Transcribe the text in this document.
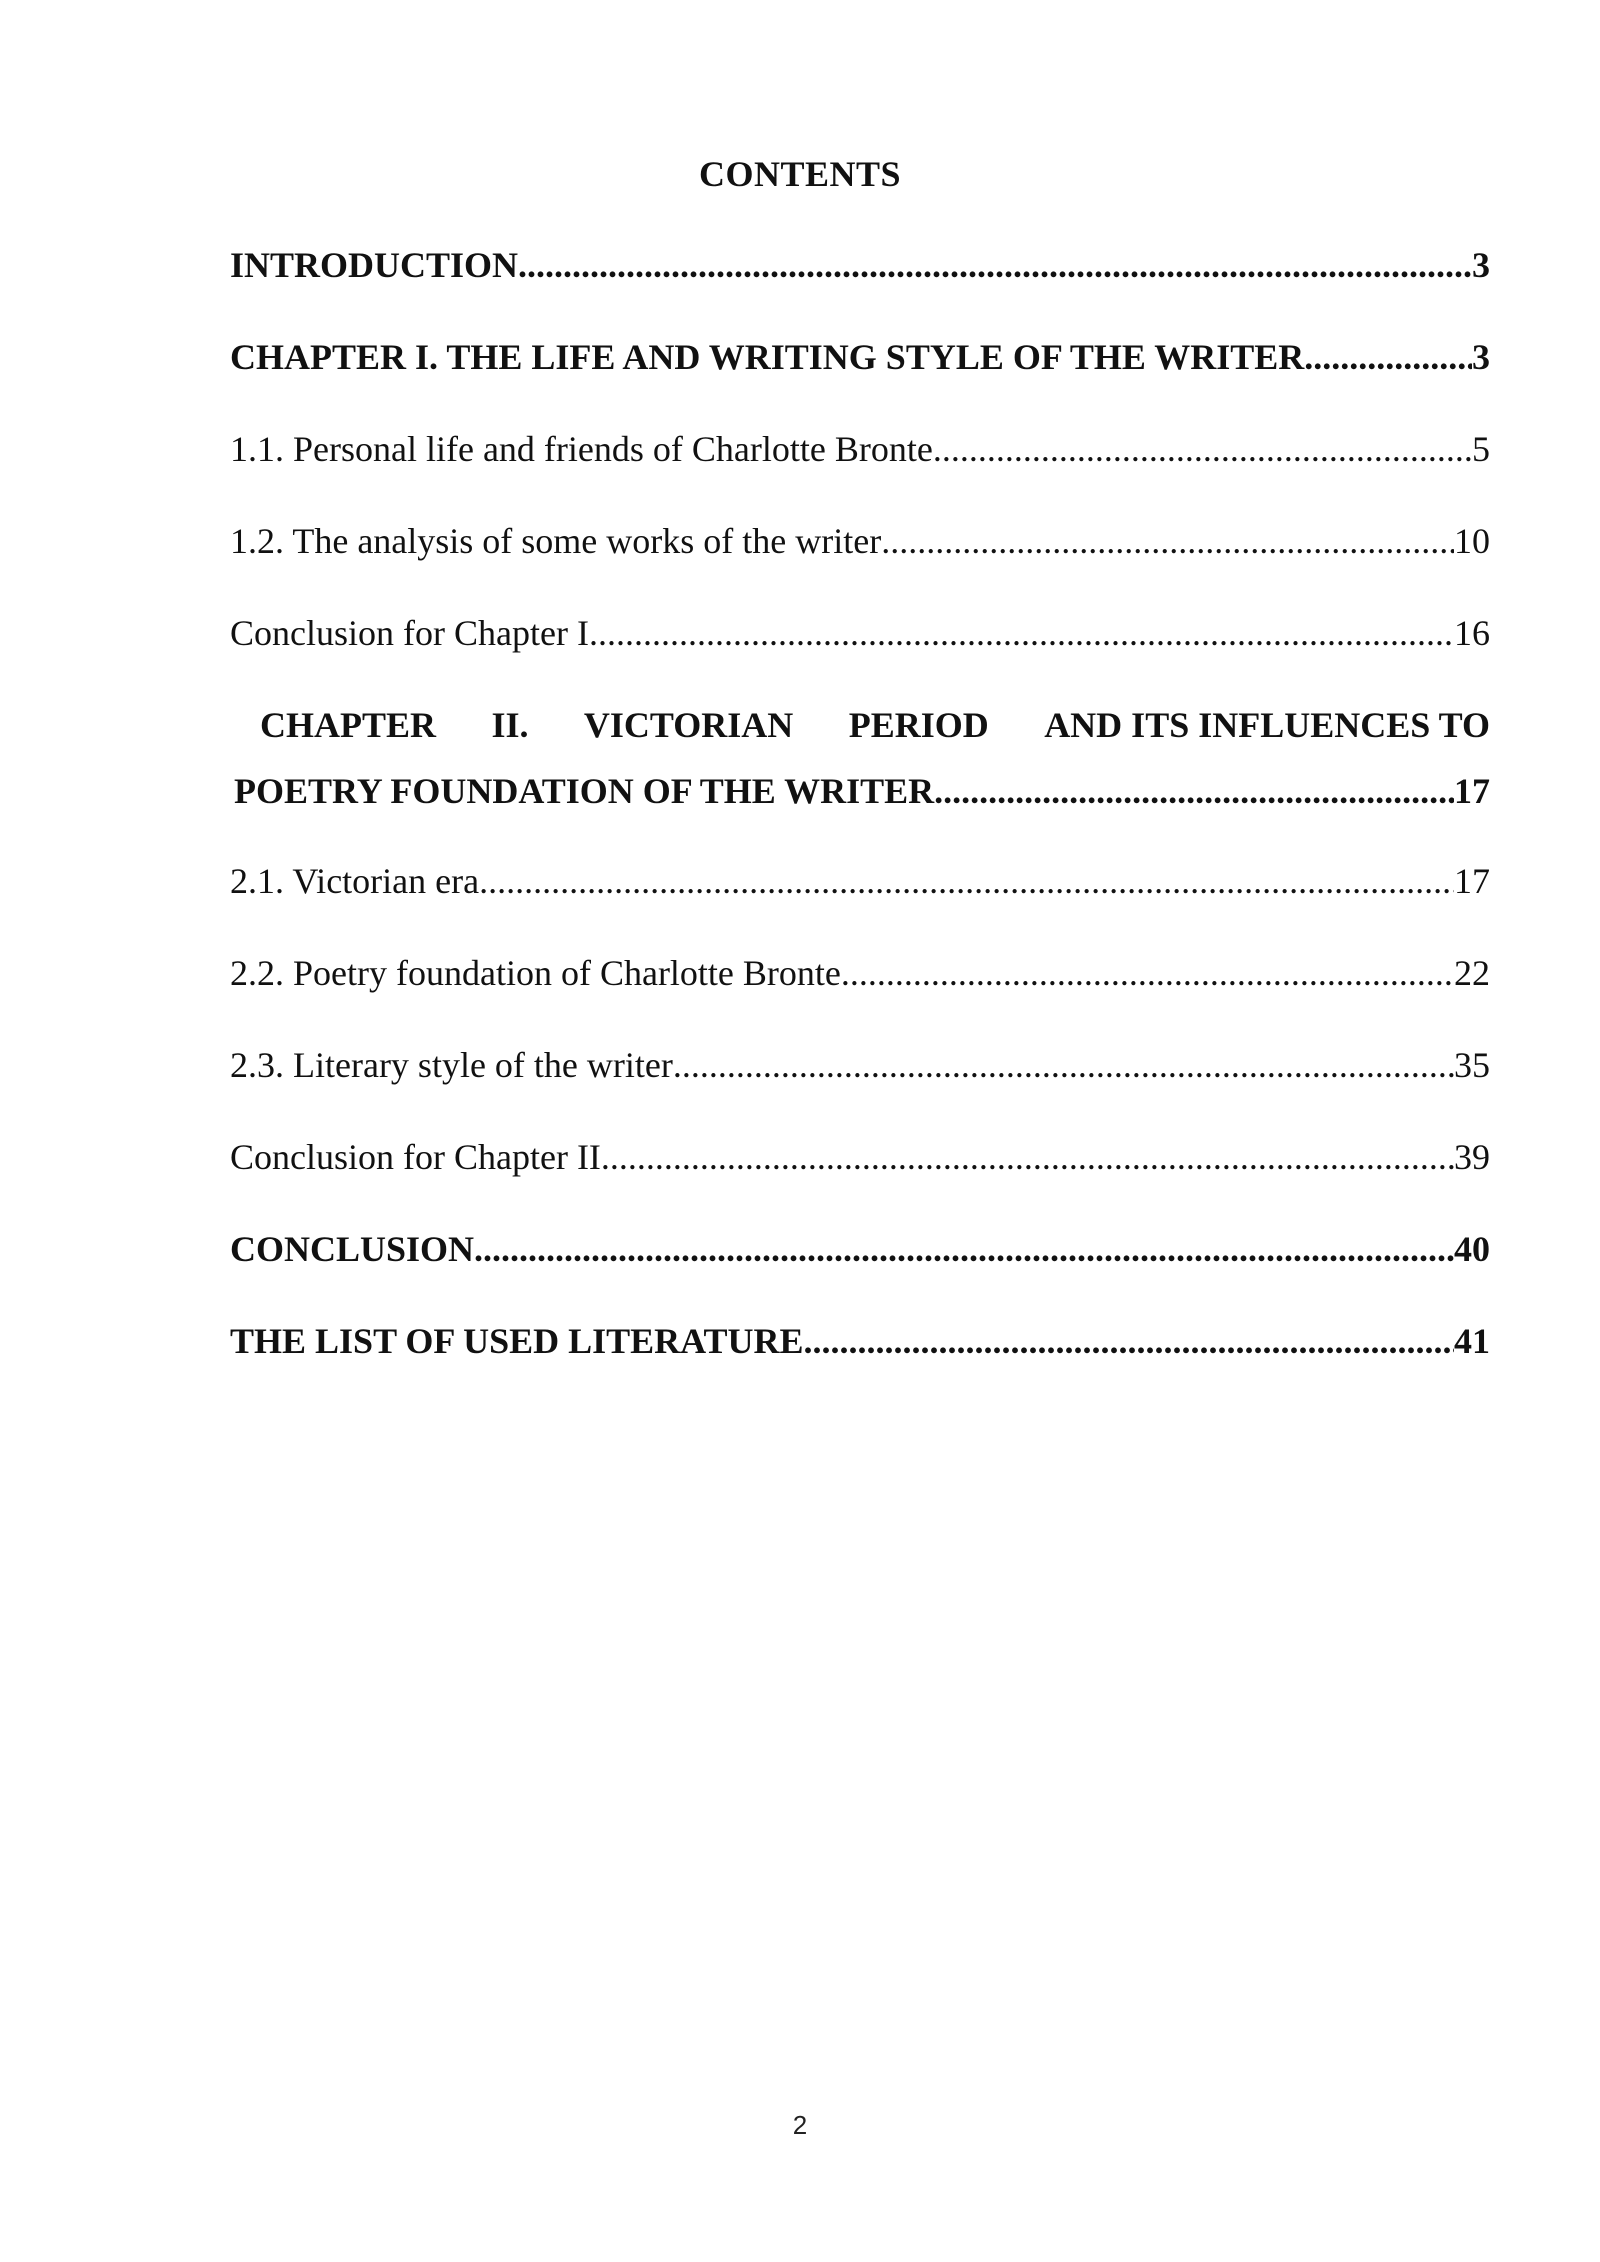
CONTENTS
INTRODUCTION .....	3
CHAPTER I. THE LIFE AND WRITING STYLE OF THE WRITER .....	3
1.1. Personal life and friends of Charlotte Bronte .....	5
1.2. The analysis of some works of the writer .....	10
Conclusion for Chapter I .....	16
CHAPTER II. VICTORIAN PERIOD AND ITS INFLUENCES TO
POETRY FOUNDATION OF THE WRITER .....	17
2.1. Victorian era .....	17
2.2. Poetry foundation of Charlotte Bronte .....	22
2.3. Literary style of the writer .....	35
Conclusion for Chapter II .....	39
CONCLUSION .....	40
THE LIST OF USED LITERATURE .....	41
2
